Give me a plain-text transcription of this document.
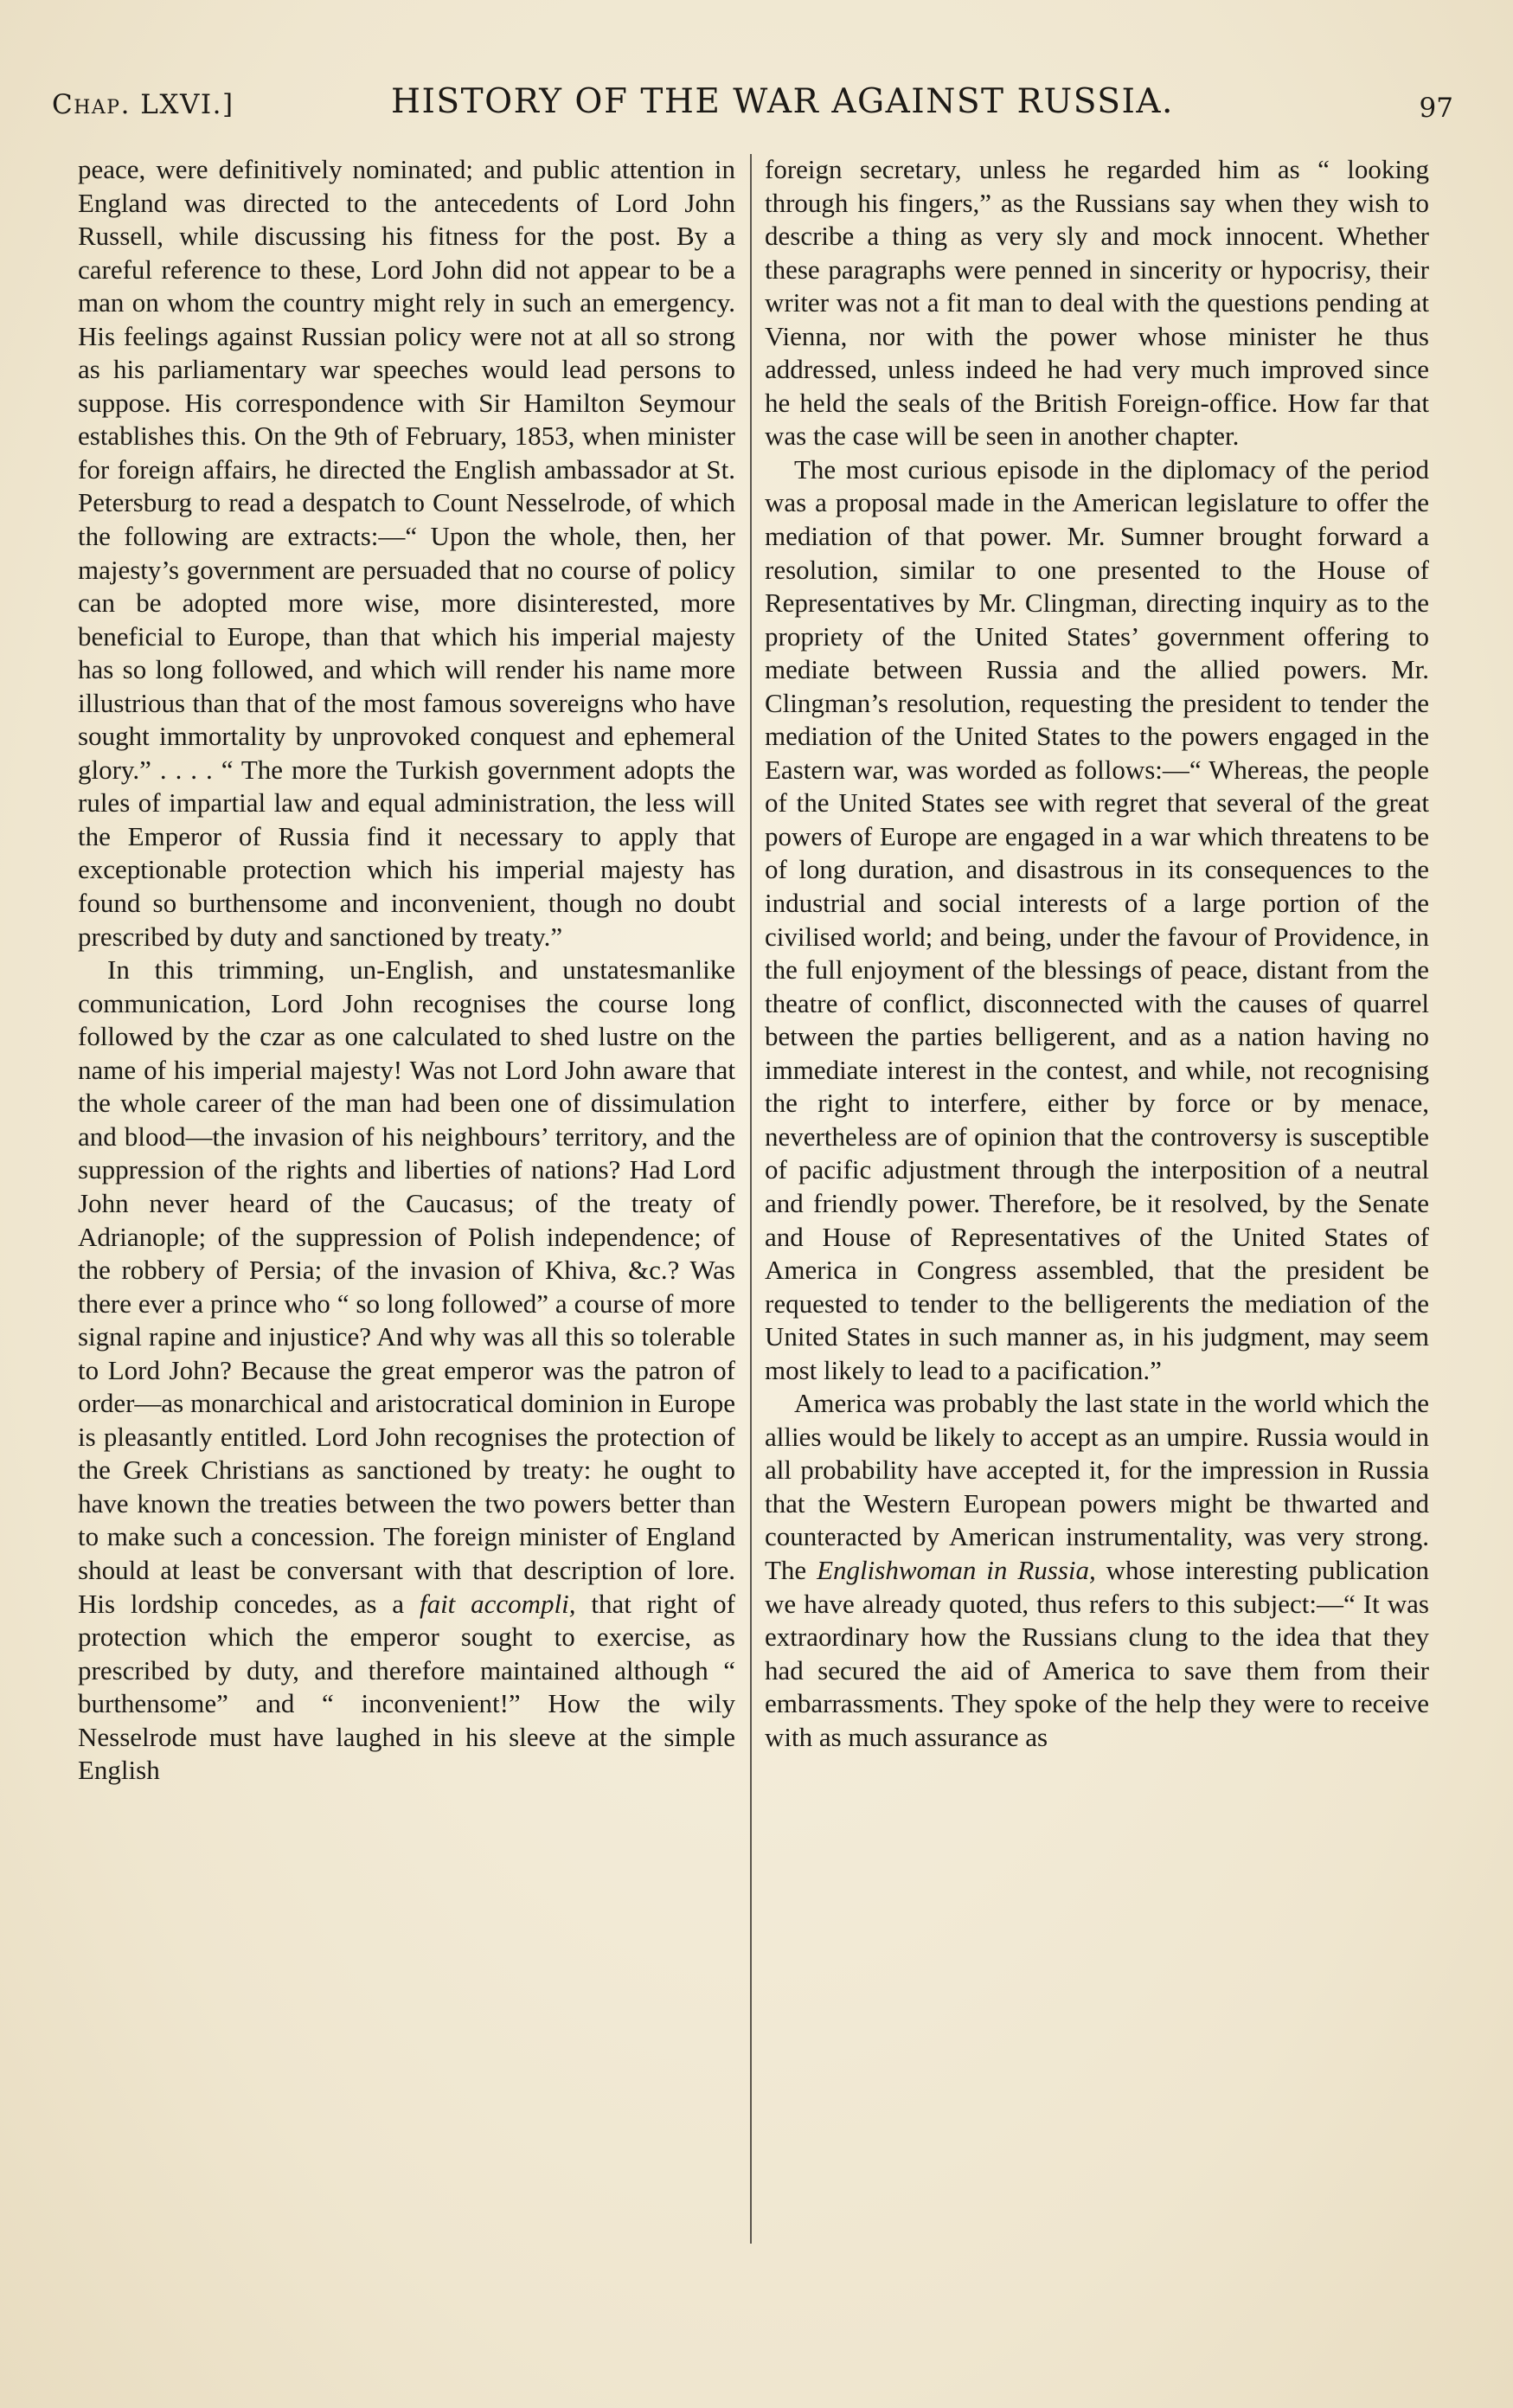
Chap. LXVI.]	HISTORY OF THE WAR AGAINST RUSSIA.	97

peace, were definitively nominated; and public attention in England was directed to the antecedents of Lord John Russell, while discussing his fitness for the post. By a careful reference to these, Lord John did not appear to be a man on whom the country might rely in such an emergency. His feelings against Russian policy were not at all so strong as his parliamentary war speeches would lead persons to suppose. His correspondence with Sir Hamilton Seymour establishes this. On the 9th of February, 1853, when minister for foreign affairs, he directed the English ambassador at St. Petersburg to read a despatch to Count Nesselrode, of which the following are extracts:—“ Upon the whole, then, her majesty’s government are persuaded that no course of policy can be adopted more wise, more disinterested, more beneficial to Europe, than that which his imperial majesty has so long followed, and which will render his name more illustrious than that of the most famous sovereigns who have sought immortality by unprovoked conquest and ephemeral glory.” . . . . “ The more the Turkish government adopts the rules of impartial law and equal administration, the less will the Emperor of Russia find it necessary to apply that exceptionable protection which his imperial majesty has found so burthensome and inconvenient, though no doubt prescribed by duty and sanctioned by treaty.”

In this trimming, un-English, and unstatesmanlike communication, Lord John recognises the course long followed by the czar as one calculated to shed lustre on the name of his imperial majesty! Was not Lord John aware that the whole career of the man had been one of dissimulation and blood—the invasion of his neighbours’ territory, and the suppression of the rights and liberties of nations? Had Lord John never heard of the Caucasus; of the treaty of Adrianople; of the suppression of Polish independence; of the robbery of Persia; of the invasion of Khiva, &c.? Was there ever a prince who “ so long followed” a course of more signal rapine and injustice? And why was all this so tolerable to Lord John? Because the great emperor was the patron of order—as monarchical and aristocratical dominion in Europe is pleasantly entitled. Lord John recognises the protection of the Greek Christians as sanctioned by treaty: he ought to have known the treaties between the two powers better than to make such a concession. The foreign minister of England should at least be conversant with that description of lore. His lordship concedes, as a fait accompli, that right of protection which the emperor sought to exercise, as prescribed by duty, and therefore maintained although “ burthensome” and “ inconvenient!” How the wily Nesselrode must have laughed in his sleeve at the simple English

foreign secretary, unless he regarded him as “ looking through his fingers,” as the Russians say when they wish to describe a thing as very sly and mock innocent. Whether these paragraphs were penned in sincerity or hypocrisy, their writer was not a fit man to deal with the questions pending at Vienna, nor with the power whose minister he thus addressed, unless indeed he had very much improved since he held the seals of the British Foreign-office. How far that was the case will be seen in another chapter.

The most curious episode in the diplomacy of the period was a proposal made in the American legislature to offer the mediation of that power. Mr. Sumner brought forward a resolution, similar to one presented to the House of Representatives by Mr. Clingman, directing inquiry as to the propriety of the United States’ government offering to mediate between Russia and the allied powers. Mr. Clingman’s resolution, requesting the president to tender the mediation of the United States to the powers engaged in the Eastern war, was worded as follows:—“ Whereas, the people of the United States see with regret that several of the great powers of Europe are engaged in a war which threatens to be of long duration, and disastrous in its consequences to the industrial and social interests of a large portion of the civilised world; and being, under the favour of Providence, in the full enjoyment of the blessings of peace, distant from the theatre of conflict, disconnected with the causes of quarrel between the parties belligerent, and as a nation having no immediate interest in the contest, and while, not recognising the right to interfere, either by force or by menace, nevertheless are of opinion that the controversy is susceptible of pacific adjustment through the interposition of a neutral and friendly power. Therefore, be it resolved, by the Senate and House of Representatives of the United States of America in Congress assembled, that the president be requested to tender to the belligerents the mediation of the United States in such manner as, in his judgment, may seem most likely to lead to a pacification.”

America was probably the last state in the world which the allies would be likely to accept as an umpire. Russia would in all probability have accepted it, for the impression in Russia that the Western European powers might be thwarted and counteracted by American instrumentality, was very strong. The Englishwoman in Russia, whose interesting publication we have already quoted, thus refers to this subject:—“ It was extraordinary how the Russians clung to the idea that they had secured the aid of America to save them from their embarrassments. They spoke of the help they were to receive with as much assurance as
